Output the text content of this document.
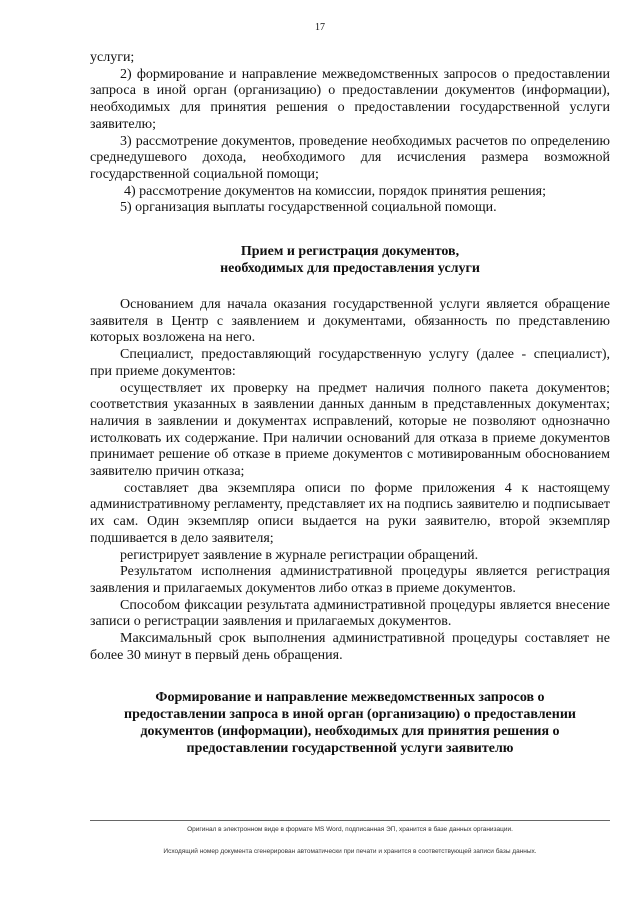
17

услуги;

2) формирование и направление межведомственных запросов о предоставлении запроса в иной орган (организацию) о предоставлении документов (информации), необходимых для принятия решения о предоставлении государственной услуги заявителю;

3) рассмотрение документов, проведение необходимых расчетов по определению среднедушевого дохода, необходимого для исчисления размера возможной государственной социальной помощи;

4) рассмотрение документов на комиссии, порядок принятия решения;

5) организация выплаты государственной социальной помощи.

Прием и регистрация документов,

необходимых для предоставления услуги

Основанием для начала оказания государственной услуги является обращение заявителя в Центр с заявлением и документами, обязанность по представлению которых возложена на него.

Специалист, предоставляющий государственную услугу (далее - специалист), при приеме документов:

осуществляет их проверку на предмет наличия полного пакета документов; соответствия указанных в заявлении данных данным в представленных документах; наличия в заявлении и документах исправлений, которые не позволяют однозначно истолковать их содержание. При наличии оснований для отказа в приеме документов принимает решение об отказе в приеме документов с мотивированным обоснованием заявителю причин отказа;

составляет два экземпляра описи по форме приложения 4 к настоящему административному регламенту, представляет их на подпись заявителю и подписывает их сам. Один экземпляр описи выдается на руки заявителю, второй экземпляр подшивается в дело заявителя;

регистрирует заявление в журнале регистрации обращений.

Результатом исполнения административной процедуры является регистрация заявления и прилагаемых документов либо отказ в приеме документов.

Способом фиксации результата административной процедуры является внесение записи о регистрации заявления и прилагаемых документов.

Максимальный срок выполнения административной процедуры составляет не более 30 минут в первый день обращения.

Формирование и направление межведомственных запросов о

предоставлении запроса в иной орган (организацию) о предоставлении

документов (информации), необходимых для принятия решения о

предоставлении государственной услуги заявителю

Оригинал в электронном виде в формате MS Word, подписанная ЭП, хранится в базе данных организации.
Исходящий номер документа сгенерирован автоматически при печати и хранится в соответствующей записи базы данных.
